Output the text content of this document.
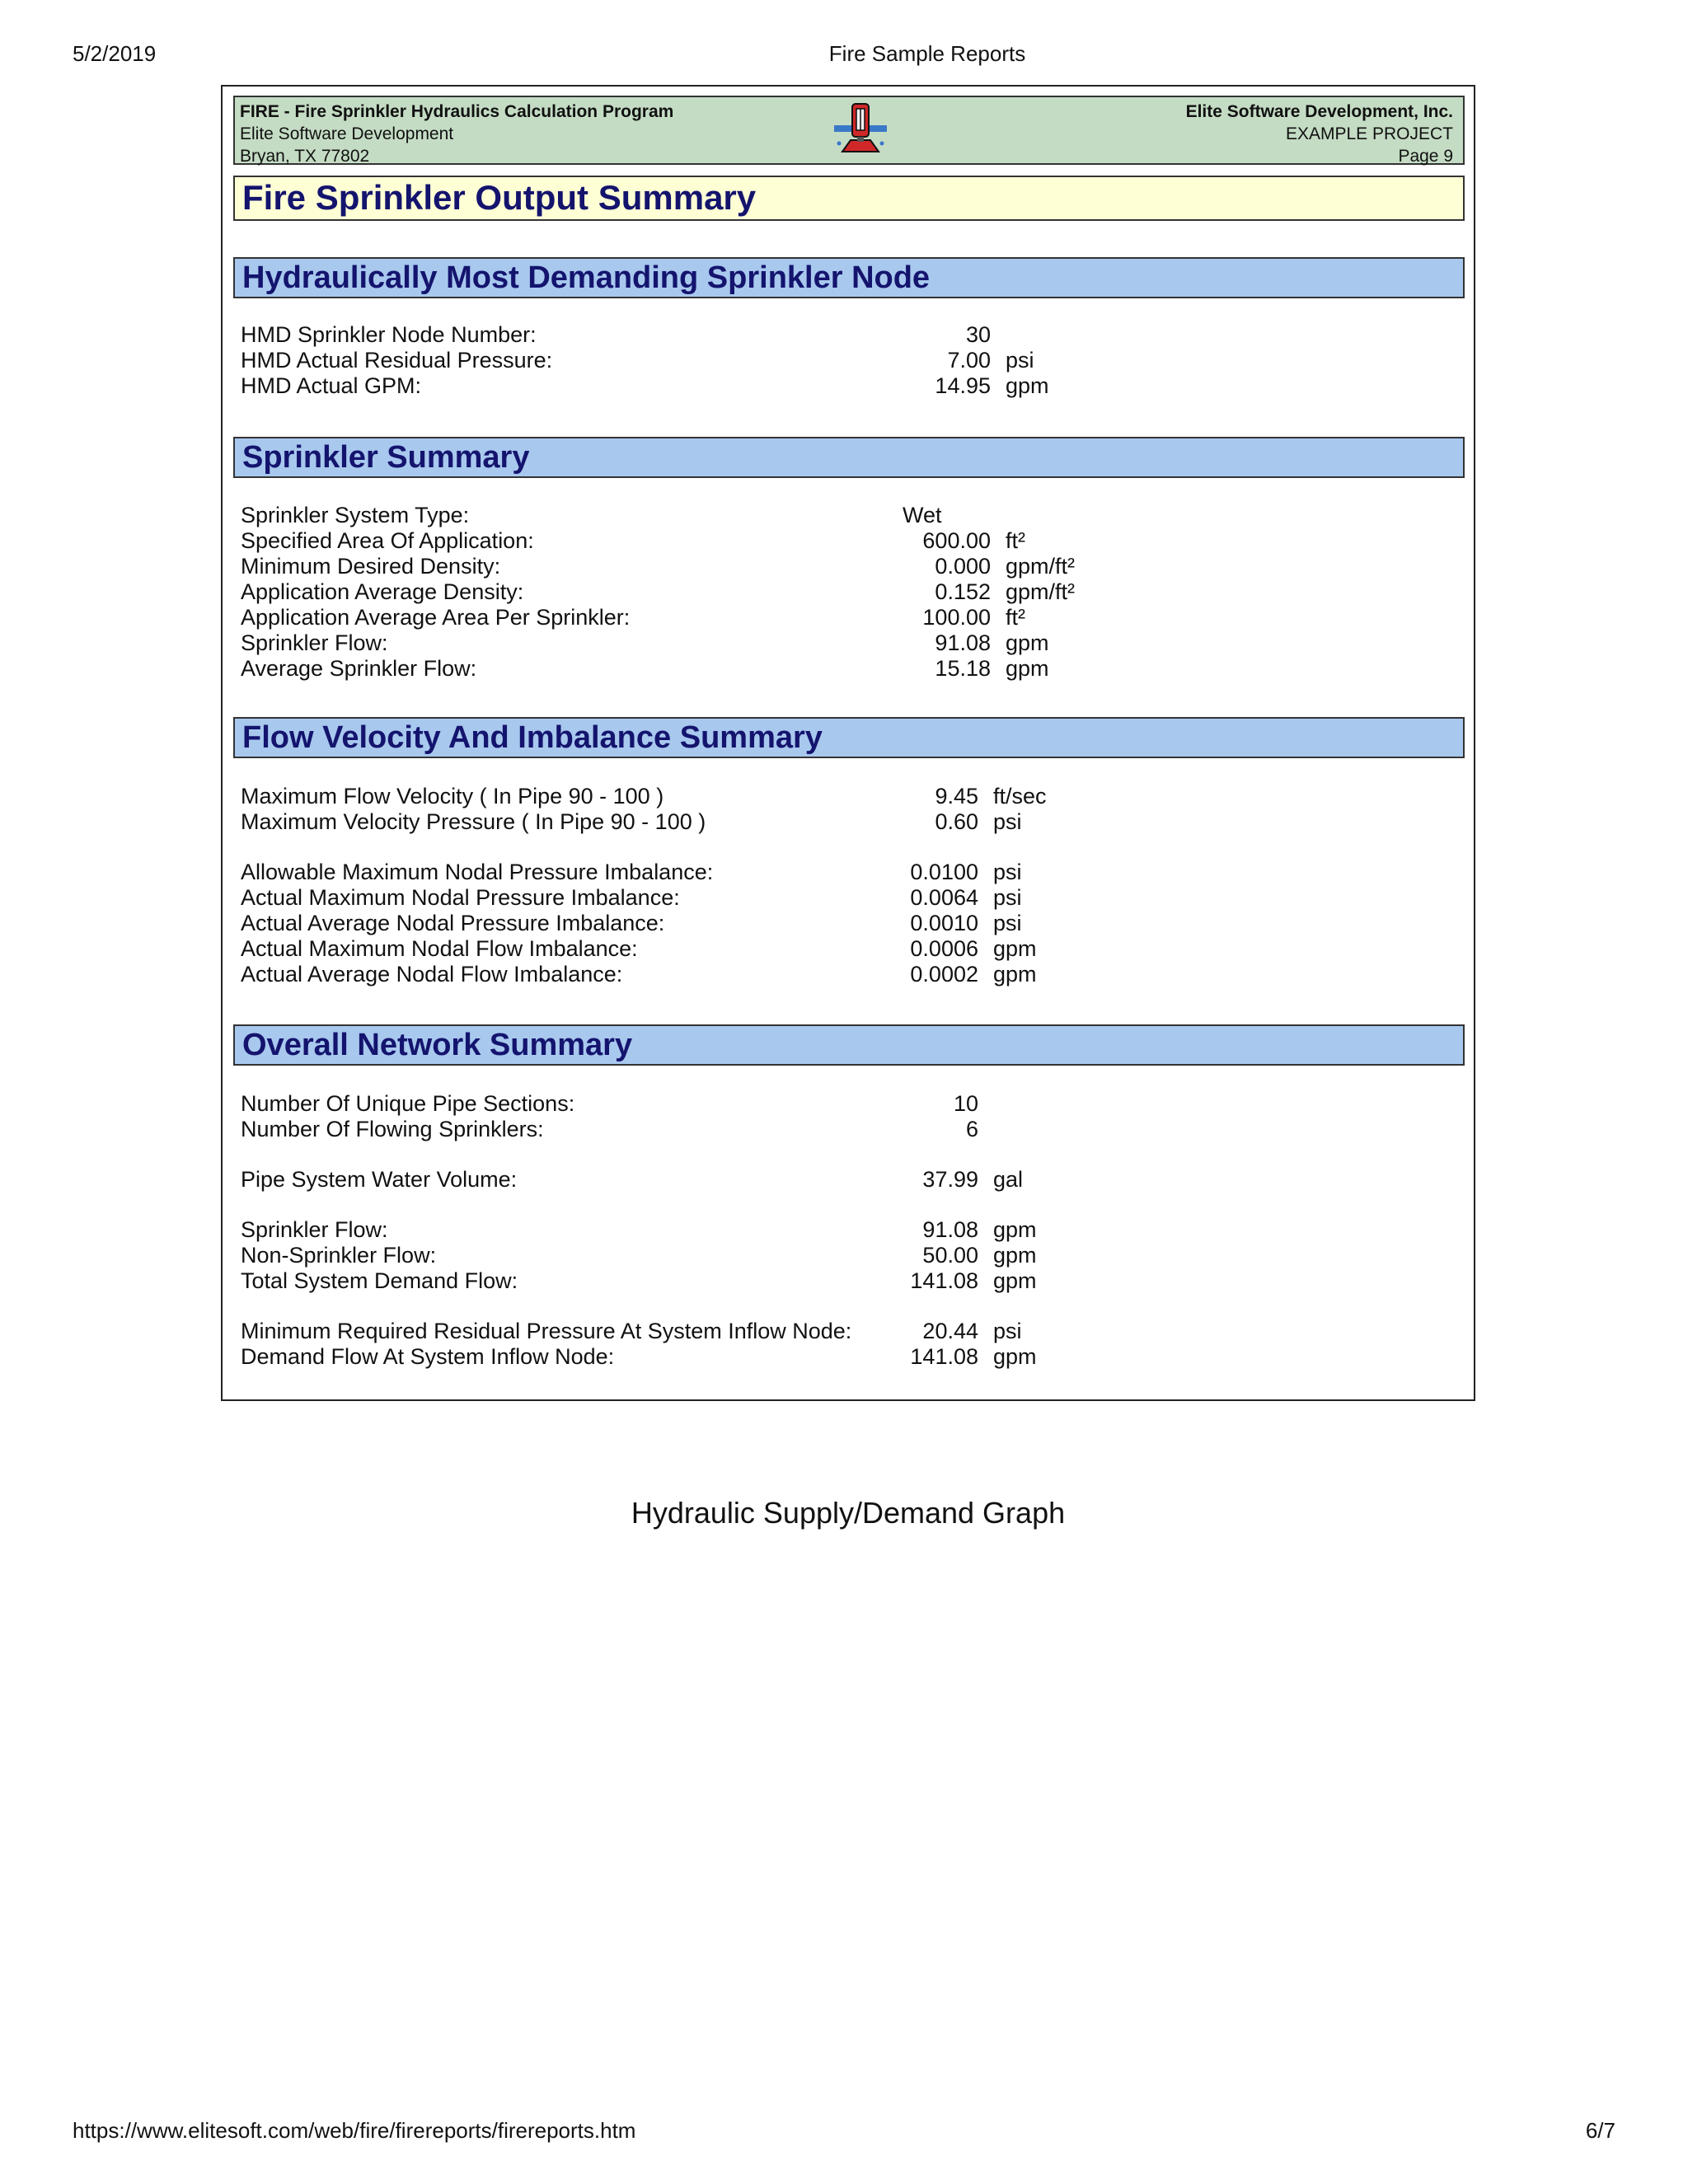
5/2/2019	Fire Sample Reports
FIRE - Fire Sprinkler Hydraulics Calculation Program
Elite Software Development
Bryan, TX 77802
Elite Software Development, Inc.
EXAMPLE PROJECT
Page 9
Fire Sprinkler Output Summary
Hydraulically Most Demanding Sprinkler Node
HMD Sprinkler Node Number:	30
HMD Actual Residual Pressure:	7.00 psi
HMD Actual GPM:	14.95 gpm
Sprinkler Summary
Sprinkler System Type:	Wet
Specified Area Of Application:	600.00 ft²
Minimum Desired Density:	0.000 gpm/ft²
Application Average Density:	0.152 gpm/ft²
Application Average Area Per Sprinkler:	100.00 ft²
Sprinkler Flow:	91.08 gpm
Average Sprinkler Flow:	15.18 gpm
Flow Velocity And Imbalance Summary
Maximum Flow Velocity ( In Pipe 90 - 100 )	9.45 ft/sec
Maximum Velocity Pressure ( In Pipe 90 - 100 )	0.60 psi
Allowable Maximum Nodal Pressure Imbalance:	0.0100 psi
Actual Maximum Nodal Pressure Imbalance:	0.0064 psi
Actual Average Nodal Pressure Imbalance:	0.0010 psi
Actual Maximum Nodal Flow Imbalance:	0.0006 gpm
Actual Average Nodal Flow Imbalance:	0.0002 gpm
Overall Network Summary
Number Of Unique Pipe Sections:	10
Number Of Flowing Sprinklers:	6
Pipe System Water Volume:	37.99 gal
Sprinkler Flow:	91.08 gpm
Non-Sprinkler Flow:	50.00 gpm
Total System Demand Flow:	141.08 gpm
Minimum Required Residual Pressure At System Inflow Node:	20.44 psi
Demand Flow At System Inflow Node:	141.08 gpm
Hydraulic Supply/Demand Graph
https://www.elitesoft.com/web/fire/firereports/firereports.htm	6/7
